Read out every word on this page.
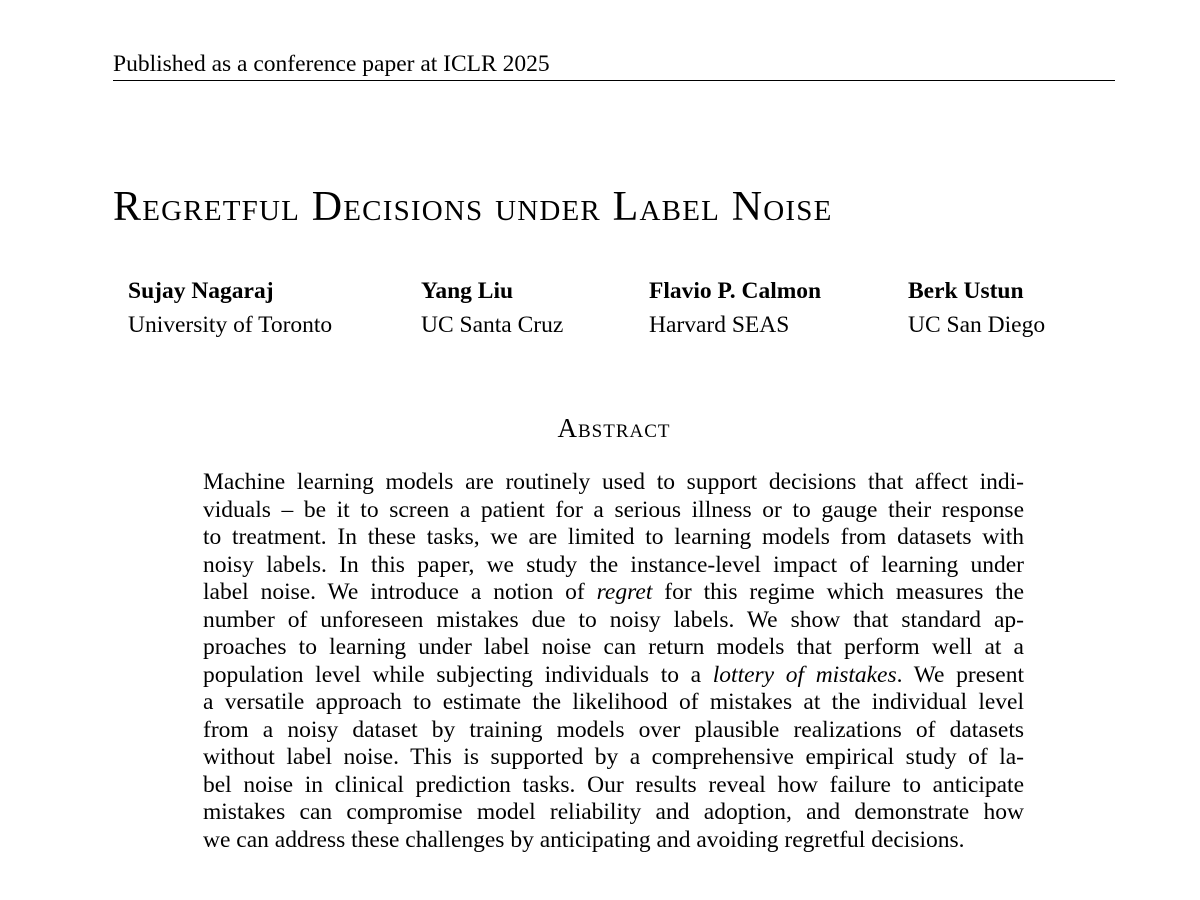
Published as a conference paper at ICLR 2025
Regretful Decisions under Label Noise
Sujay Nagaraj
University of Toronto
Yang Liu
UC Santa Cruz
Flavio P. Calmon
Harvard SEAS
Berk Ustun
UC San Diego
Abstract
Machine learning models are routinely used to support decisions that affect indi-
viduals – be it to screen a patient for a serious illness or to gauge their response
to treatment. In these tasks, we are limited to learning models from datasets with
noisy labels. In this paper, we study the instance-level impact of learning under
label noise. We introduce a notion of regret for this regime which measures the
number of unforeseen mistakes due to noisy labels. We show that standard ap-
proaches to learning under label noise can return models that perform well at a
population level while subjecting individuals to a lottery of mistakes. We present
a versatile approach to estimate the likelihood of mistakes at the individual level
from a noisy dataset by training models over plausible realizations of datasets
without label noise. This is supported by a comprehensive empirical study of la-
bel noise in clinical prediction tasks. Our results reveal how failure to anticipate
mistakes can compromise model reliability and adoption, and demonstrate how
we can address these challenges by anticipating and avoiding regretful decisions.
